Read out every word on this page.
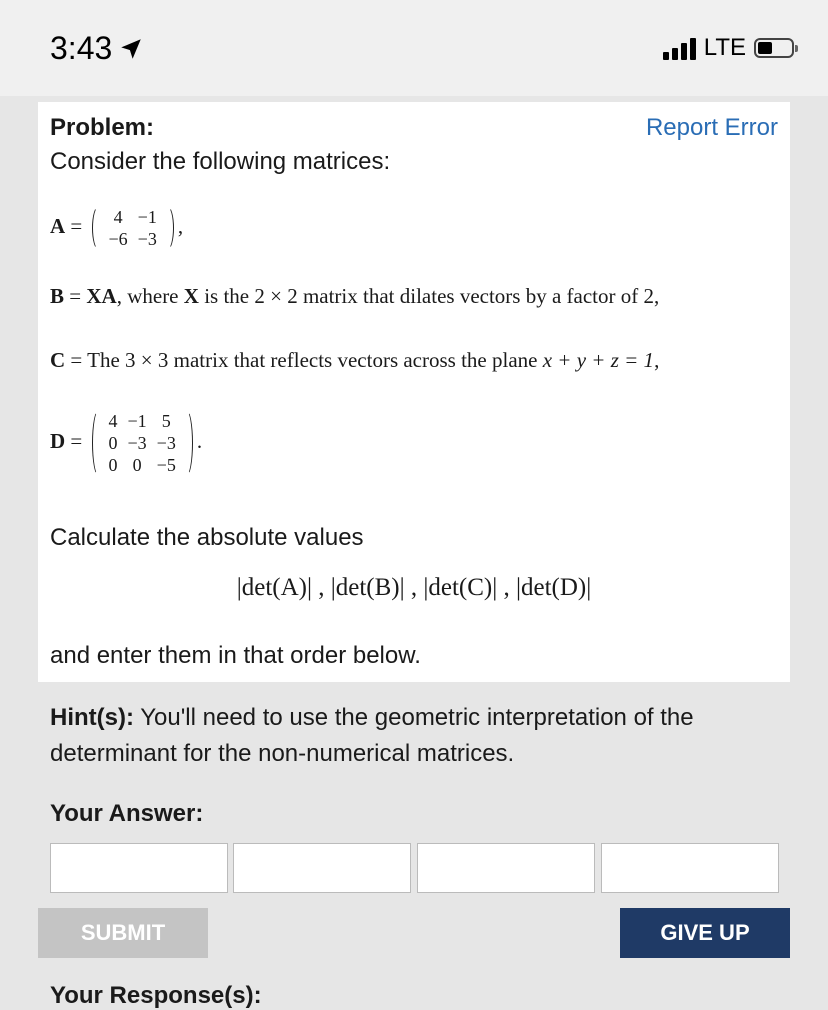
3:43	LTE
Problem:	Report Error
Consider the following matrices:
A = 4	−1
−6	−3
,
B = XA, where X is the 2 × 2 matrix that dilates vectors by a factor of 2,
C = The 3 × 3 matrix that reflects vectors across the plane x + y + z = 1,
D =
4	−1	5
0	−3	−3
0	0	−5
.
Calculate the absolute values
|det(A)| , |det(B)| , |det(C)| , |det(D)|
and enter them in that order below.
Hint(s): You'll need to use the geometric interpretation of the determinant for the non-numerical matrices.
Your Answer:
SUBMIT	GIVE UP
Your Response(s):
